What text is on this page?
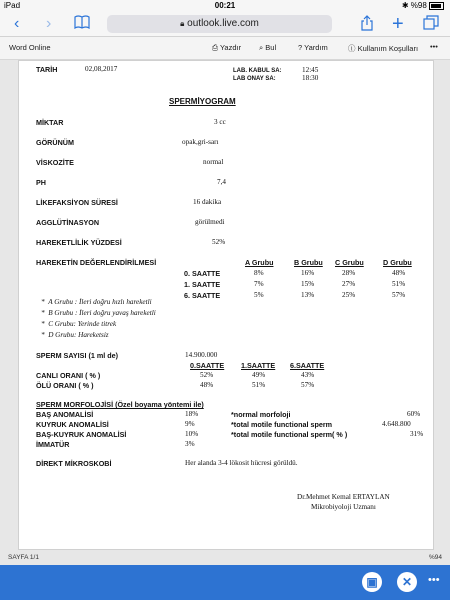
iPad	00:21	✱ %98
‹ ›	🔒︎ outlook.live.com	+
Word Online	⎙ Yazdır ⌕ Bul	? Yardım	ⓘ Kullanım Koşulları •••
TARİH	02,08,2017	LAB. KABUL SA:	12:45
LAB ONAY SA:	18:30
SPERMİYOGRAM
MİKTAR	3 cc
GÖRÜNÜM	opak,gri-sarı
VİSKOZİTE	normal
PH	7,4
LİKEFAKSİYON SÜRESİ	16 dakika
AGGLÜTİNASYON	görülmedi
HAREKETLİLİK YÜZDESİ	52%
HAREKETİN DEĞERLENDİRİLMESİ	A Grubu	B Grubu C Grubu	D Grubu
0. SAATTE	8%	16%	28%	48%
1. SAATTE	7%	15%	27%	51%
6. SAATTE	5%	13%	25%	57%
*  A Grubu : İleri doğru hızlı hareketli
*  B Grubu : İleri doğru yavaş hareketli
*  C Grubu: Yerinde titrek
*  D Grubu: Hareketsiz
SPERM SAYISI (1 ml de)	14.900.000
0.SAATTE 1.SAATTE 6.SAATTE
CANLI ORANI ( % )	52%	49%	43%
ÖLÜ ORANI ( % )	48%	51%	57%
SPERM MORFOLOJİSİ (Özel boyama yöntemi ile)
BAŞ ANOMALİSİ	18%
KUYRUK ANOMALİSİ	9%
BAŞ-KUYRUK ANOMALİSİ	10%
İMMATÜR	3%
*normal morfoloji	60%
*total motile functional sperm	4.648.800
*total motile functional sperm( % )	31%
DİREKT MİKROSKOBİ	Her alanda 3-4 lökosit hücresi görüldü.
Dr.Mehmet Kemal ERTAYLAN
Mikrobiyoloji Uzmanı
SAYFA 1/1	%94
▣	✕	•••
